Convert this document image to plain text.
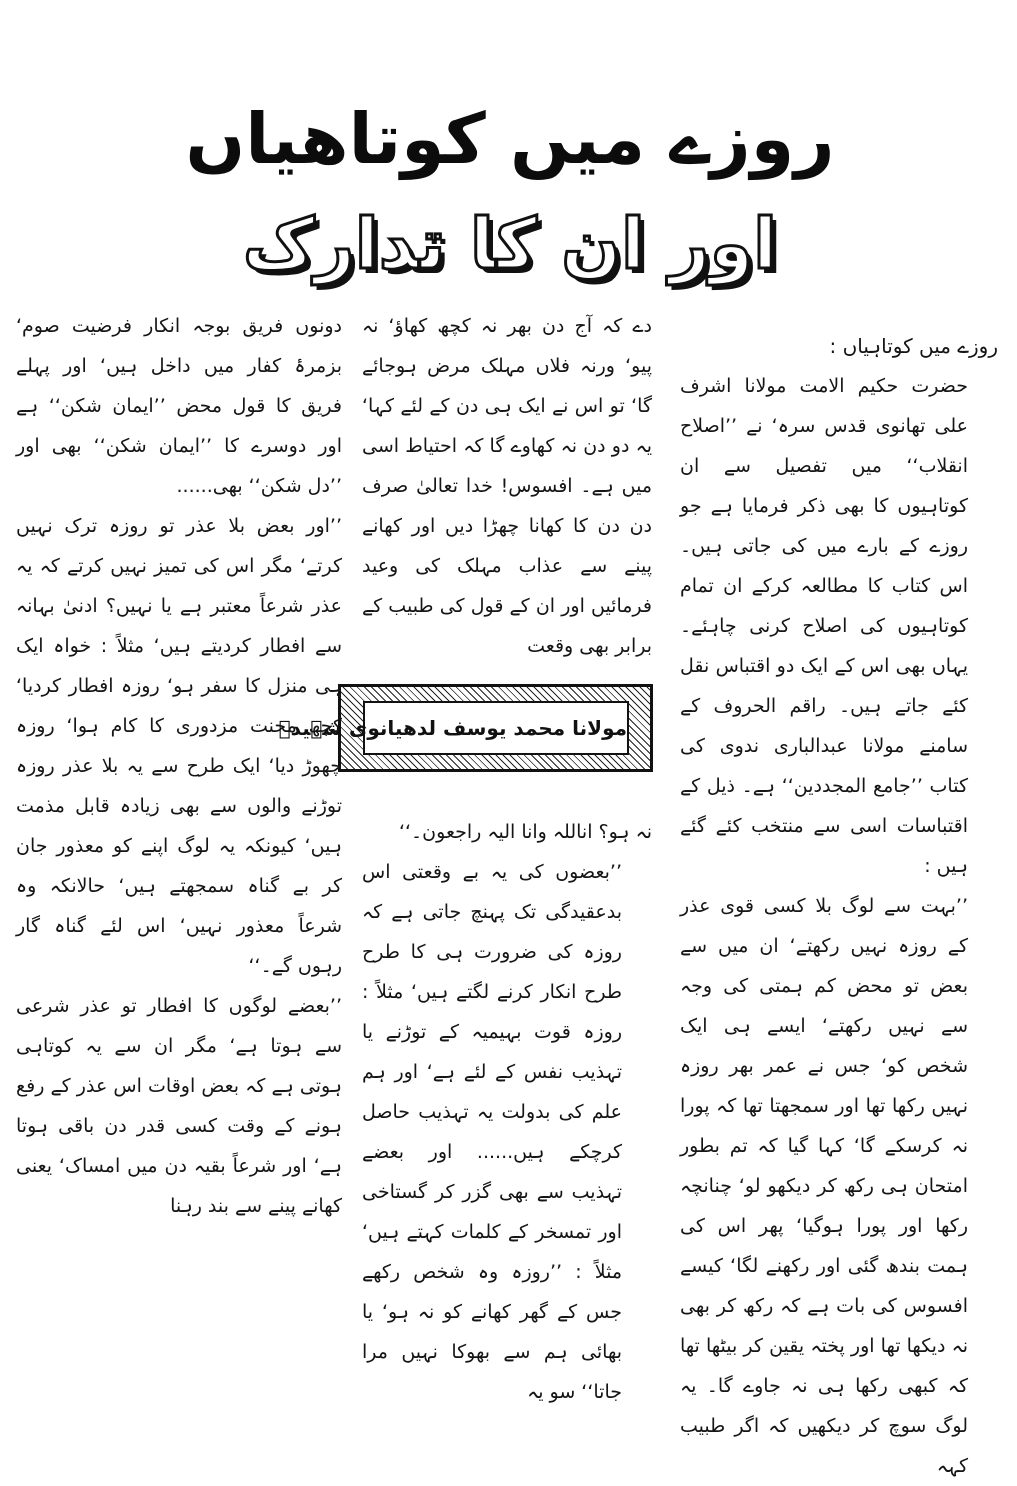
روزے میں کوتاهیاں
اور ان کا تدارک

روزے میں کوتاہیاں :

حضرت حکیم الامت مولانا اشرف علی تھانوی قدس سرہ‘ نے ’’اصلاح انقلاب‘‘ میں تفصیل سے ان کوتاہیوں کا بھی ذکر فرمایا ہے جو روزے کے بارے میں کی جاتی ہیں۔ اس کتاب کا مطالعہ کرکے ان تمام کوتاہیوں کی اصلاح کرنی چاہئے۔ یہاں بھی اس کے ایک دو اقتباس نقل کئے جاتے ہیں۔ راقم الحروف کے سامنے مولانا عبدالباری ندوی کی کتاب ’’جامع المجددین‘‘ ہے۔ ذیل کے اقتباسات اسی سے منتخب کئے گئے ہیں :

’’بہت سے لوگ بلا کسی قوی عذر کے روزہ نہیں رکھتے‘ ان میں سے بعض تو محض کم ہمتی کی وجہ سے نہیں رکھتے‘ ایسے ہی ایک شخص کو‘ جس نے عمر بھر روزہ نہیں رکھا تھا اور سمجھتا تھا کہ پورا نہ کرسکے گا‘ کہا گیا کہ تم بطور امتحان ہی رکھ کر دیکھو لو‘ چنانچہ رکھا اور پورا ہوگیا‘ پھر اس کی ہمت بندھ گئی اور رکھنے لگا‘ کیسے افسوس کی بات ہے کہ رکھ کر بھی نہ دیکھا تھا اور پختہ یقین کر بیٹھا تھا کہ کبھی رکھا ہی نہ جاوے گا۔ یہ لوگ سوچ کر دیکھیں کہ اگر طبیب کہہ

دے کہ آج دن بھر نہ کچھ کھاؤ‘ نہ پیو‘ ورنہ فلاں مہلک مرض ہوجائے گا‘ تو اس نے ایک ہی دن کے لئے کہا‘ یہ دو دن نہ کھاوے گا کہ احتیاط اسی میں ہے۔ افسوس! خدا تعالیٰ صرف دن دن کا کھانا چھڑا دیں اور کھانے پینے سے عذاب مہلک کی وعید فرمائیں اور ان کے قول کی طبیب کے برابر بھی وقعت

مولانا محمد یوسف لدھیانوی شہیدؒ

نہ ہو؟ اناللہ وانا الیہ راجعون۔‘‘

’’بعضوں کی یہ بے وقعتی اس بدعقیدگی تک پہنچ جاتی ہے کہ روزہ کی ضرورت ہی کا طرح طرح انکار کرنے لگتے ہیں‘ مثلاً : روزہ قوت بہیمیہ کے توڑنے یا تہذیب نفس کے لئے ہے‘ اور ہم علم کی بدولت یہ تہذیب حاصل کرچکے ہیں...... اور بعضے تہذیب سے بھی گزر کر گستاخی اور تمسخر کے کلمات کہتے ہیں‘ مثلاً : ’’روزہ وہ شخص رکھے جس کے گھر کھانے کو نہ ہو‘ یا بھائی ہم سے بھوکا نہیں مرا جاتا‘‘ سو یہ

دونوں فریق بوجہ انکار فرضیت صوم‘ بزمرۂ کفار میں داخل ہیں‘ اور پہلے فریق کا قول محض ’’ایمان شکن‘‘ ہے اور دوسرے کا ’’ایمان شکن‘‘ بھی اور ’’دل شکن‘‘ بھی......

’’اور بعض بلا عذر تو روزہ ترک نہیں کرتے‘ مگر اس کی تمیز نہیں کرتے کہ یہ عذر شرعاً معتبر ہے یا نہیں؟ ادنیٰ بہانہ سے افطار کردیتے ہیں‘ مثلاً : خواہ ایک ہی منزل کا سفر ہو‘ روزہ افطار کردیا‘ کچھ محنت مزدوری کا کام ہوا‘ روزہ چھوڑ دیا‘ ایک طرح سے یہ بلا عذر روزہ توڑنے والوں سے بھی زیادہ قابل مذمت ہیں‘ کیونکہ یہ لوگ اپنے کو معذور جان کر بے گناہ سمجھتے ہیں‘ حالانکہ وہ شرعاً معذور نہیں‘ اس لئے گناہ گار رہوں گے۔‘‘

’’بعضے لوگوں کا افطار تو عذر شرعی سے ہوتا ہے‘ مگر ان سے یہ کوتاہی ہوتی ہے کہ بعض اوقات اس عذر کے رفع ہونے کے وقت کسی قدر دن باقی ہوتا ہے‘ اور شرعاً بقیہ دن میں امساک‘ یعنی کھانے پینے سے بند رہنا
